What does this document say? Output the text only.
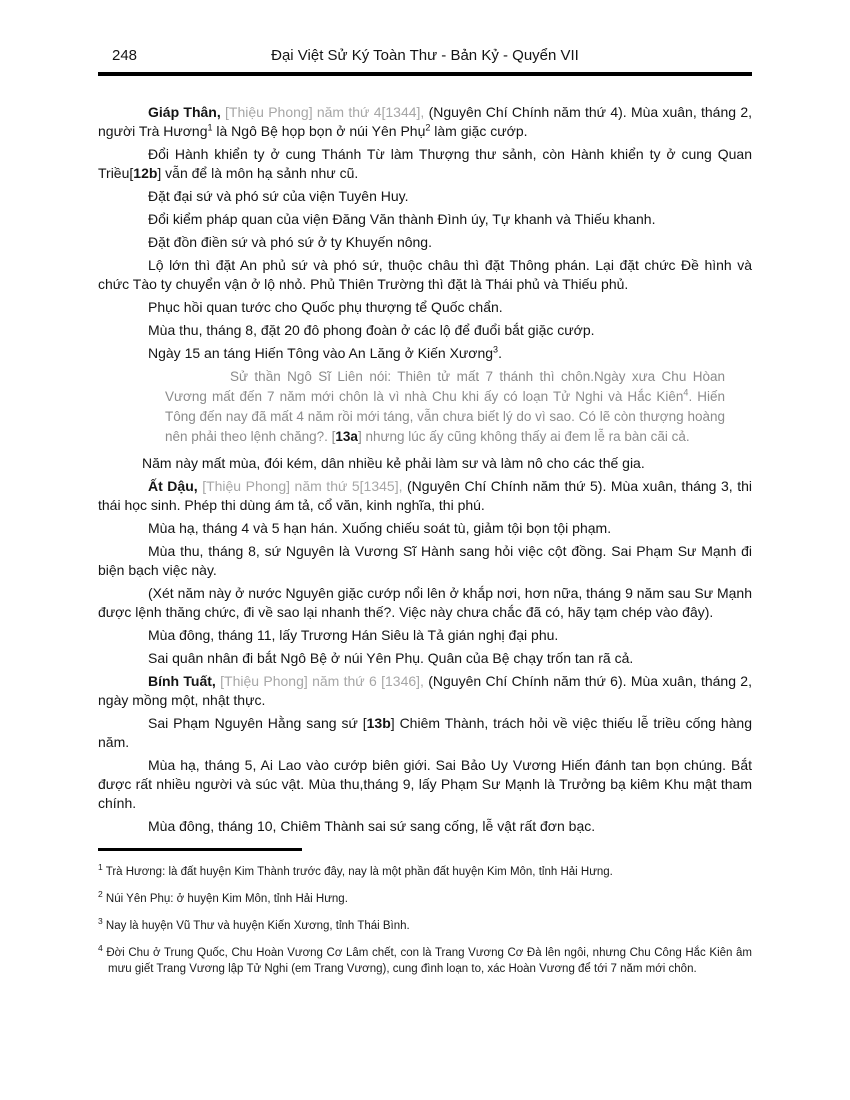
248	Đại Việt Sử Ký Toàn Thư - Bản Kỷ - Quyển VII

Giáp Thân, [Thiệu Phong] năm thứ 4[1344], (Nguyên Chí Chính năm thứ 4). Mùa xuân, tháng 2, người Trà Hương$^1$ là Ngô Bệ họp bọn ở núi Yên Phụ$^2$ làm giặc cướp.

Đổi Hành khiển ty ở cung Thánh Từ làm Thượng thư sảnh, còn Hành khiển ty ở cung Quan Triều[12b] vẫn để là môn hạ sảnh như cũ.

Đặt đại sứ và phó sứ của viện Tuyên Huy.

Đổi kiểm pháp quan của viện Đăng Văn thành Đình úy, Tự khanh và Thiếu khanh.

Đặt đồn điền sứ và phó sứ ở ty Khuyến nông.

Lộ lớn thì đặt An phủ sứ và phó sứ, thuộc châu thì đặt Thông phán. Lại đặt chức Đề hình và chức Tào ty chuyển vận ở lộ nhỏ. Phủ Thiên Trường thì đặt là Thái phủ và Thiếu phủ.

Phục hồi quan tước cho Quốc phụ thượng tể Quốc chẩn.

Mùa thu, tháng 8, đặt 20 đô phong đoàn ở các lộ để đuổi bắt giặc cướp.

Ngày 15 an táng Hiến Tông vào An Lăng ở Kiến Xương$^3$.

Sử thần Ngô Sĩ Liên nói: Thiên tử mất 7 thánh thì chôn.Ngày xưa Chu Hòan Vương mất đến 7 năm mới chôn là vì nhà Chu khi ấy có loạn Tử Nghi và Hắc Kiên$^4$. Hiến Tông đến nay đã mất 4 năm rồi mới táng, vẫn chưa biết lý do vì sao. Có lẽ còn thượng hoàng nên phải theo lệnh chăng?. [13a] nhưng lúc ấy cũng không thấy ai đem lễ ra bàn cãi cả.

Năm này mất mùa, đói kém, dân nhiều kẻ phải làm sư và làm nô cho các thế gia.

Ất Dậu, [Thiệu Phong] năm thứ 5[1345], (Nguyên Chí Chính năm thứ 5). Mùa xuân, tháng 3, thi thái học sinh. Phép thi dùng ám tả, cổ văn, kinh nghĩa, thi phú.

Mùa hạ, tháng 4 và 5 hạn hán. Xuống chiếu soát tù, giảm tội bọn tội phạm.

Mùa thu, tháng 8, sứ Nguyên là Vương Sĩ Hành sang hỏi việc cột đồng. Sai Phạm Sư Mạnh đi biện bạch việc này.

(Xét năm này ở nước Nguyên giặc cướp nổi lên ở khắp nơi, hơn nữa, tháng 9 năm sau Sư Mạnh được lệnh thăng chức, đi về sao lại nhanh thế?. Việc này chưa chắc đã có, hãy tạm chép vào đây).

Mùa đông, tháng 11, lấy Trương Hán Siêu là Tả gián nghị đại phu.

Sai quân nhân đi bắt Ngô Bệ ở núi Yên Phụ. Quân của Bệ chạy trốn tan rã cả.

Bính Tuất, [Thiệu Phong] năm thứ 6 [1346], (Nguyên Chí Chính năm thứ 6). Mùa xuân, tháng 2, ngày mồng một, nhật thực.

Sai Phạm Nguyên Hằng sang sứ [13b] Chiêm Thành, trách hỏi về việc thiếu lễ triều cống hàng năm.

Mùa hạ, tháng 5, Ai Lao vào cướp biên giới. Sai Bảo Uy Vương Hiến đánh tan bọn chúng. Bắt được rất nhiều người và súc vật. Mùa thu,tháng 9, lấy Phạm Sư Mạnh là Trưởng bạ kiêm Khu mật tham chính.

Mùa đông, tháng 10, Chiêm Thành sai sứ sang cống, lễ vật rất đơn bạc.

$^1$ Trà Hương: là đất huyện Kim Thành trước đây, nay là một phần đất huyện Kim Môn, tỉnh Hải Hưng.

$^2$ Núi Yên Phụ: ở huyện Kim Môn, tỉnh Hải Hưng.

$^3$ Nay là huyện Vũ Thư và huyện Kiến Xương, tỉnh Thái Bình.

$^4$ Đời Chu ở Trung Quốc, Chu Hoàn Vương Cơ Lâm chết, con là Trang Vương Cơ Đà lên ngôi, nhưng Chu Công Hắc Kiên âm mưu giết Trang Vương lập Tử Nghi (em Trang Vương), cung đình loạn to, xác Hoàn Vương để tới 7 năm mới chôn.
